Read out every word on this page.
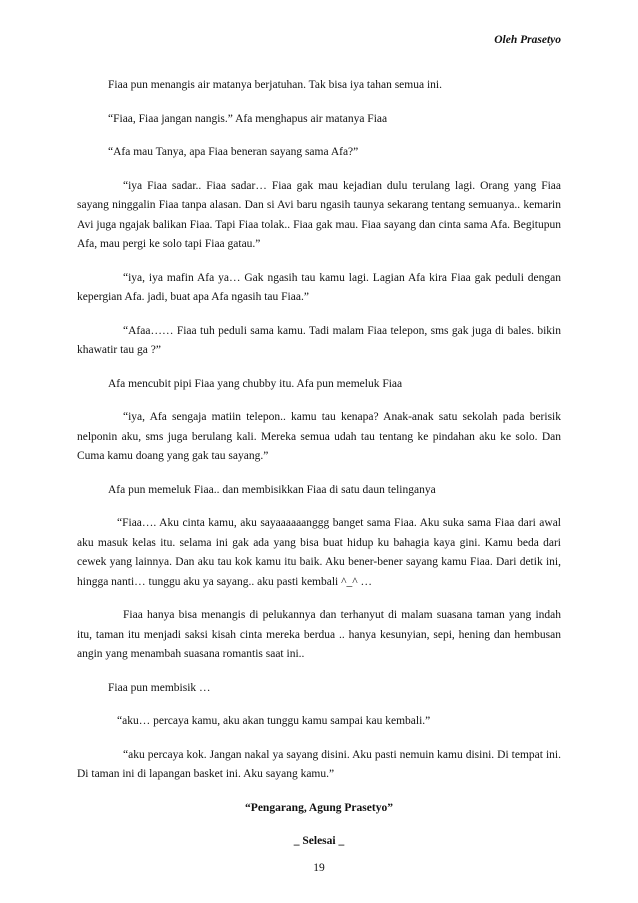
Oleh Prasetyo

Fiaa pun menangis air matanya berjatuhan. Tak bisa iya tahan semua ini.

“Fiaa, Fiaa jangan nangis.” Afa menghapus air matanya Fiaa

“Afa mau Tanya, apa Fiaa beneran sayang sama Afa?”

“iya Fiaa sadar.. Fiaa sadar… Fiaa gak mau kejadian dulu terulang lagi. Orang yang Fiaa sayang ninggalin Fiaa tanpa alasan. Dan si Avi baru ngasih taunya sekarang tentang semuanya.. kemarin Avi juga ngajak balikan Fiaa. Tapi Fiaa tolak.. Fiaa gak mau. Fiaa sayang dan cinta sama Afa. Begitupun Afa, mau pergi ke solo tapi Fiaa gatau.”

“iya, iya mafin Afa ya… Gak ngasih tau kamu lagi. Lagian Afa kira Fiaa gak peduli dengan kepergian Afa. jadi, buat apa Afa ngasih tau Fiaa.”

“Afaa…… Fiaa tuh peduli sama kamu. Tadi malam Fiaa telepon, sms gak juga di bales. bikin khawatir tau ga ?”

Afa mencubit pipi Fiaa yang chubby itu. Afa pun memeluk Fiaa

“iya, Afa sengaja matiin telepon.. kamu tau kenapa? Anak-anak satu sekolah pada berisik nelponin aku, sms juga berulang kali. Mereka semua udah tau tentang ke pindahan aku ke solo. Dan Cuma kamu doang yang gak tau sayang.”

Afa pun memeluk Fiaa.. dan membisikkan Fiaa di satu daun telinganya

“Fiaa…. Aku cinta kamu, aku sayaaaaaanggg banget sama Fiaa. Aku suka sama Fiaa dari awal aku masuk kelas itu. selama ini gak ada yang bisa buat hidup ku bahagia kaya gini. Kamu beda dari cewek yang lainnya. Dan aku tau kok kamu itu baik. Aku bener-bener sayang kamu Fiaa. Dari detik ini, hingga nanti… tunggu aku ya sayang.. aku pasti kembali ^_^ …

Fiaa hanya bisa menangis di pelukannya dan terhanyut di malam suasana taman yang indah itu, taman itu menjadi saksi kisah cinta mereka berdua .. hanya kesunyian, sepi, hening dan hembusan angin yang menambah suasana romantis saat ini..

Fiaa pun membisik …

“aku… percaya kamu, aku akan tunggu kamu sampai kau kembali.”

“aku percaya kok. Jangan nakal ya sayang disini. Aku pasti nemuin kamu disini. Di tempat ini. Di taman ini di lapangan basket ini. Aku sayang kamu.”

“Pengarang, Agung Prasetyo”

_ Selesai _

19
